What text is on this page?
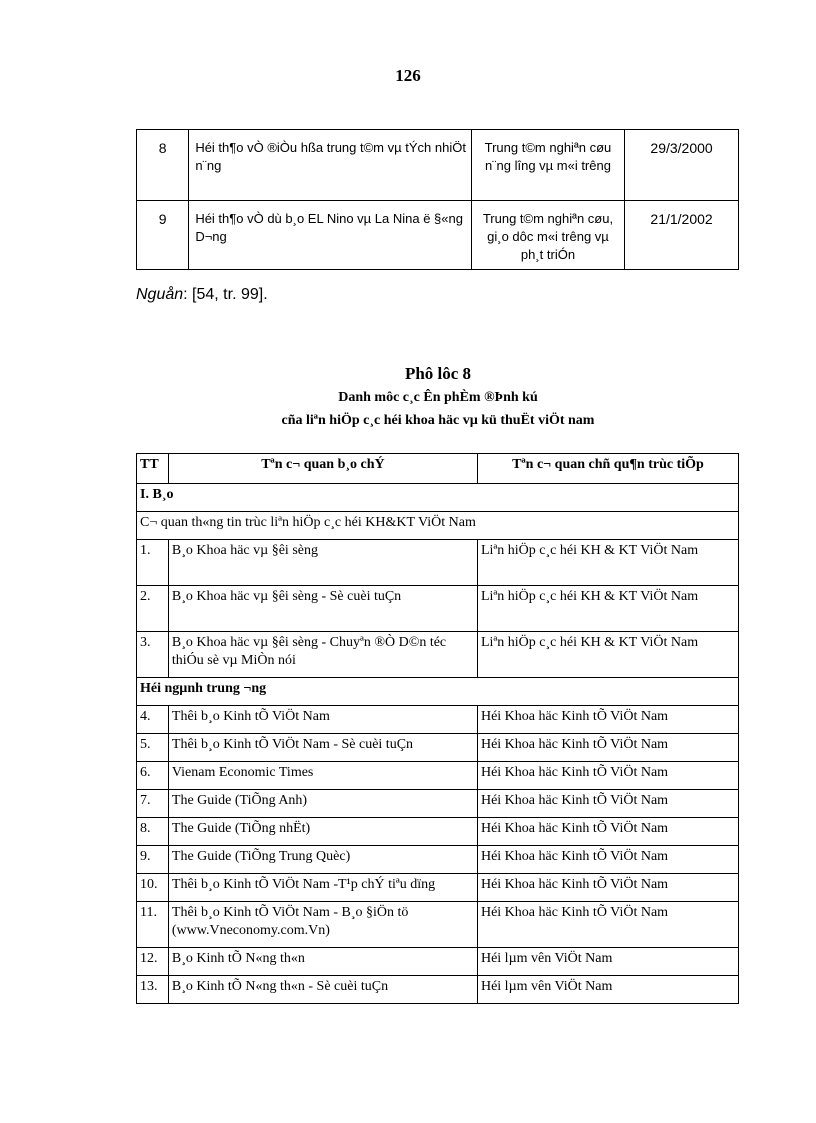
126
8	Héi th¶o vÒ ®iÒu hßa trung t©m vµ tÝch nhiÖt n¨ng	Trung t©m nghiªn cøu n¨ng lîng vµ m«i trêng	29/3/2000
9	Héi th¶o vÒ dù b¸o EL Nino vµ La Nina ë §«ng D¬ng	Trung t©m nghiªn cøu, gi¸o dôc m«i trêng vµ ph¸t triÓn	21/1/2002
Nguån: [54, tr. 99].
Phô lôc 8
Danh môc c¸c Ên phÈm ®Þnh kú
cña liªn hiÖp c¸c héi khoa häc vµ kü thuËt viÖt nam
TT	Tªn c¬ quan b¸o chÝ	Tªn c¬ quan chñ qu¶n trùc tiÕp
I. B¸o		
C¬ quan th«ng tin trùc liªn hiÖp c¸c héi KH&KT ViÖt Nam		
1.	B¸o Khoa häc vµ §êi sèng	Liªn hiÖp c¸c héi KH & KT ViÖt Nam
2.	B¸o Khoa häc vµ §êi sèng - Sè cuèi tuÇn	Liªn hiÖp c¸c héi KH & KT ViÖt Nam
3.	B¸o Khoa häc vµ §êi sèng - Chuyªn ®Ò D©n téc thiÓu sè vµ MiÒn nói	Liªn hiÖp c¸c héi KH & KT ViÖt Nam
Héi ngµnh trung ¬ng		
4.	Thêi b¸o Kinh tÕ ViÖt Nam	Héi Khoa häc Kinh tÕ ViÖt Nam
5.	Thêi b¸o Kinh tÕ ViÖt Nam - Sè cuèi tuÇn	Héi Khoa häc Kinh tÕ ViÖt Nam
6.	Vienam Economic Times	Héi Khoa häc Kinh tÕ ViÖt Nam
7.	The Guide (TiÕng Anh)	Héi Khoa häc Kinh tÕ ViÖt Nam
8.	The Guide (TiÕng nhËt)	Héi Khoa häc Kinh tÕ ViÖt Nam
9.	The Guide (TiÕng Trung Quèc)	Héi Khoa häc Kinh tÕ ViÖt Nam
10.	Thêi b¸o Kinh tÕ ViÖt Nam -T¹p chÝ tiªu dïng	Héi Khoa häc Kinh tÕ ViÖt Nam
11.	Thêi b¸o Kinh tÕ ViÖt Nam - B¸o §iÖn tö (www.Vneconomy.com.Vn)	Héi Khoa häc Kinh tÕ ViÖt Nam
12.	B¸o Kinh tÕ N«ng th«n	Héi lµm vên ViÖt Nam
13.	B¸o Kinh tÕ N«ng th«n - Sè cuèi tuÇn	Héi lµm vên ViÖt Nam
